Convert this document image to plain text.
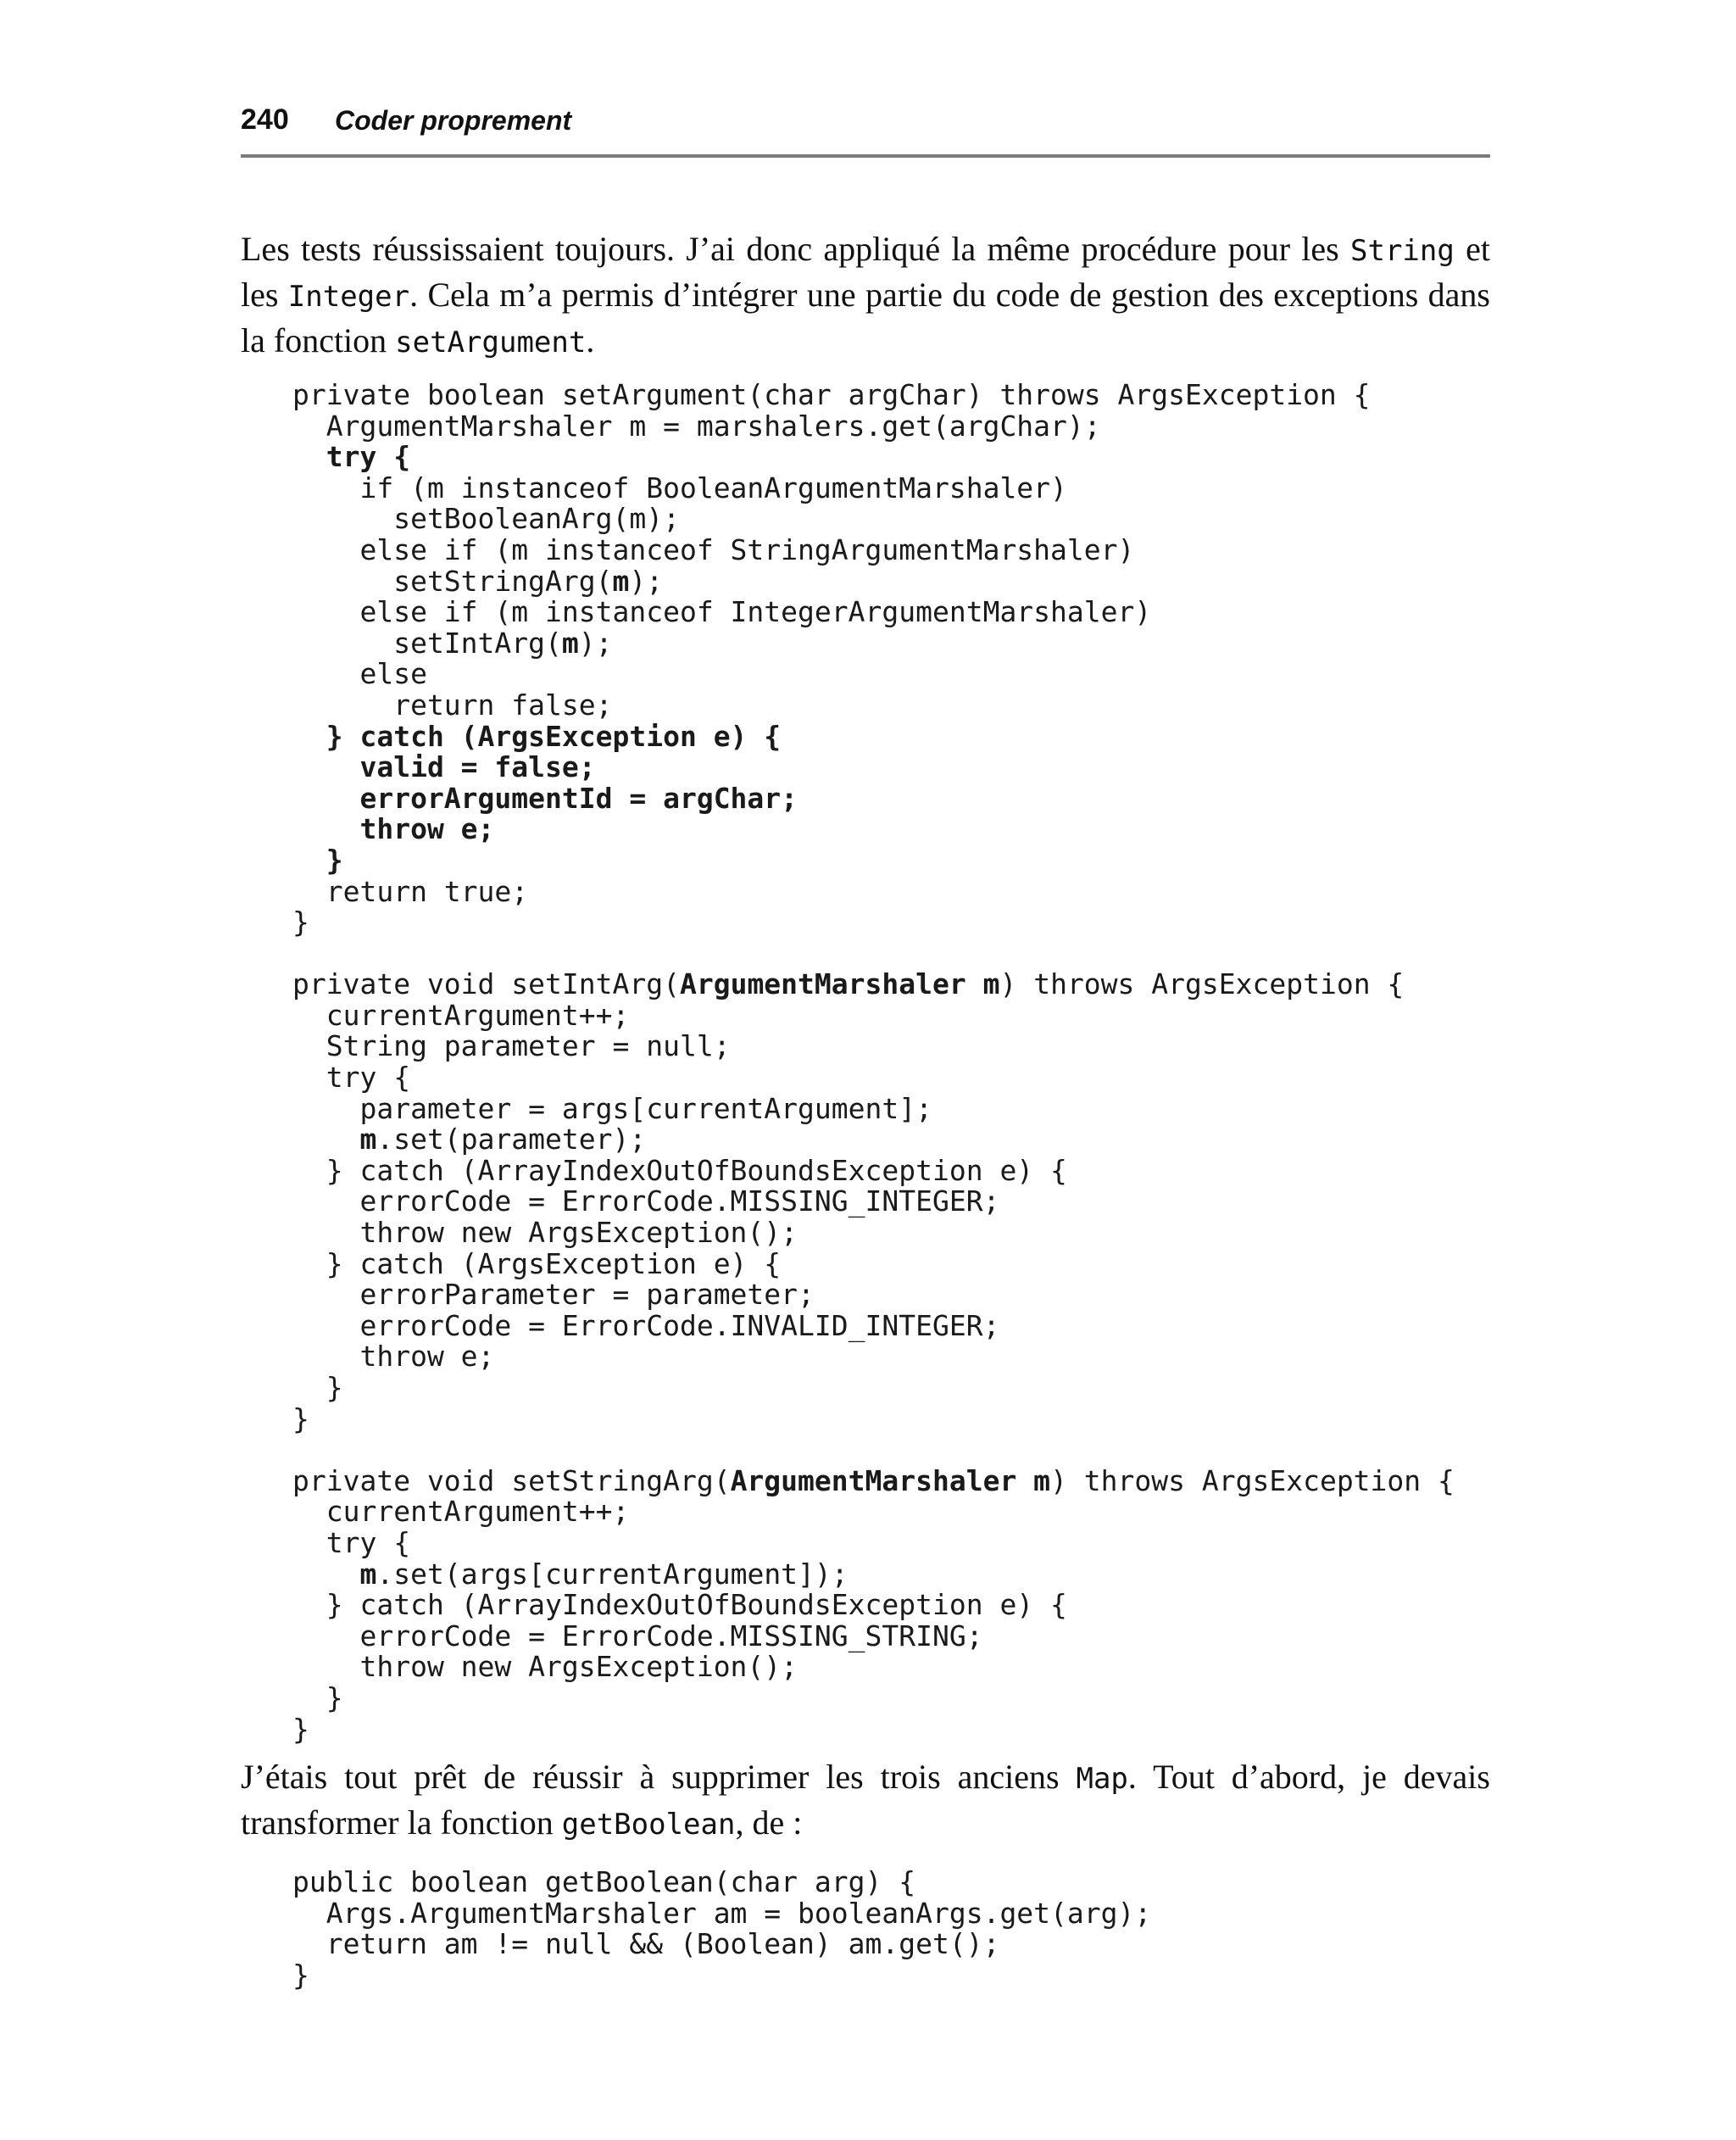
240 Coder proprement

Les tests réussissaient toujours. J’ai donc appliqué la même procédure pour les String et les Integer. Cela m’a permis d’intégrer une partie du code de gestion des exceptions dans la fonction setArgument.

private boolean setArgument(char argChar) throws ArgsException {
ArgumentMarshaler m = marshalers.get(argChar);
try {
if (m instanceof BooleanArgumentMarshaler)
setBooleanArg(m);
else if (m instanceof StringArgumentMarshaler)
setStringArg(m);
else if (m instanceof IntegerArgumentMarshaler)
setIntArg(m);
else
return false;
} catch (ArgsException e) {
valid = false;
errorArgumentId = argChar;
throw e;
}
return true;
}
private void setIntArg(ArgumentMarshaler m) throws ArgsException {
currentArgument++;
String parameter = null;
try {
parameter = args[currentArgument];
m.set(parameter);
} catch (ArrayIndexOutOfBoundsException e) {
errorCode = ErrorCode.MISSING_INTEGER;
throw new ArgsException();
} catch (ArgsException e) {
errorParameter = parameter;
errorCode = ErrorCode.INVALID_INTEGER;
throw e;
}
}
private void setStringArg(ArgumentMarshaler m) throws ArgsException {
currentArgument++;
try {
m.set(args[currentArgument]);
} catch (ArrayIndexOutOfBoundsException e) {
errorCode = ErrorCode.MISSING_STRING;
throw new ArgsException();
}
}

J’étais tout prêt de réussir à supprimer les trois anciens Map. Tout d’abord, je devais transformer la fonction getBoolean, de :

public boolean getBoolean(char arg) {
Args.ArgumentMarshaler am = booleanArgs.get(arg);
return am != null && (Boolean) am.get();
}
